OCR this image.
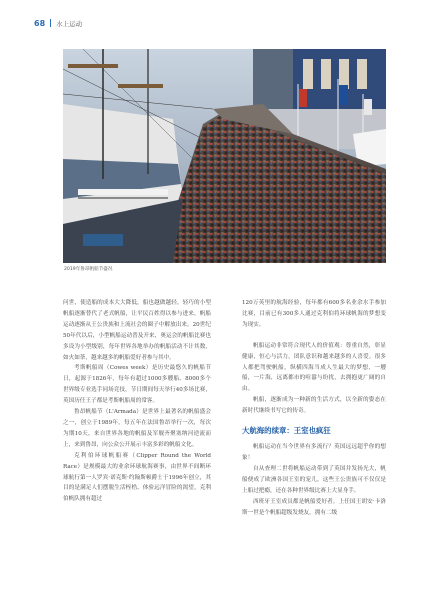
68 水上运动
2019年鲁昂帆船节盛况

问世，使造船的成本大大降低，船也越做越轻。轻巧的小型帆船逐渐替代了老式帆船，让平民百姓得以参与进来，帆船运动逐渐从王公贵族和上流社会的圈子中解放出来。20世纪50年代以后，小型帆船运动普及开来，奥运会的帆船比赛也多设为小型级别，每年世界各地举办的帆船活动不计其数，如火如荼，越来越多的帆船爱好者参与其中。

考斯帆船周（Cowes week）是历史最悠久的帆船节日，起源于1826年，每年有超过1000多艘船、8000多个世界级专业选手同场竞技，节日期间每天举行40多场比赛，英国历任王子都是考斯帆船周的常客。

鲁昂帆船节（L'Armada）是世界上最著名的帆船盛会之一，创立于1989年，每五年在法国鲁昂举行一次，每次为期10天，来自世界各地的帆船及军舰齐聚塞纳河逆流而上，来到鲁昂，向公众公开展示丰富多彩的帆船文化。

克利伯环球帆船赛（Clipper Round the World Race）是规模最大的业余环球航海赛事，由世界不间断环球航行第一人罗宾·诺克斯·约翰斯顿爵士于1996年创立，其目的是满足人们摆脱生活桎梏、体验远洋冒险的渴望。克利伯帆队拥有超过

120万英里的航海经验，每年都有600多名业余水手参加比赛，目前已有300多人通过克利伯将环球帆海的梦想变为现实。

帆船运动非常符合现代人的价值观：尊重自然，彰显健康，恒心与活力，团队意识和越来越多的人喜爱。很多人都把驾驶帆船，纵横四海当成人生最大的梦想，一艘船，一片海，远离都市的喧嚣与纷扰，去拥抱更广阔的自由。

帆船，逐渐成为一种新的生活方式，以全新的姿态在新时代继续书写它的传奇。

大航海的续章：王室也疯狂

帆船运动在当今世界有多流行？英国远远超乎你的想象！

自从查理二世将帆船运动带到了英国并发扬光大，帆船便成了欧洲各国王室的宠儿，这些王公贵族可不仅仅是上船过把瘾，还在各种世界级比赛上大显身手。

西班牙王室成员都是帆船爱好者。上任国王胡安·卡洛斯一世是个帆船超级发烧友，拥有二级
